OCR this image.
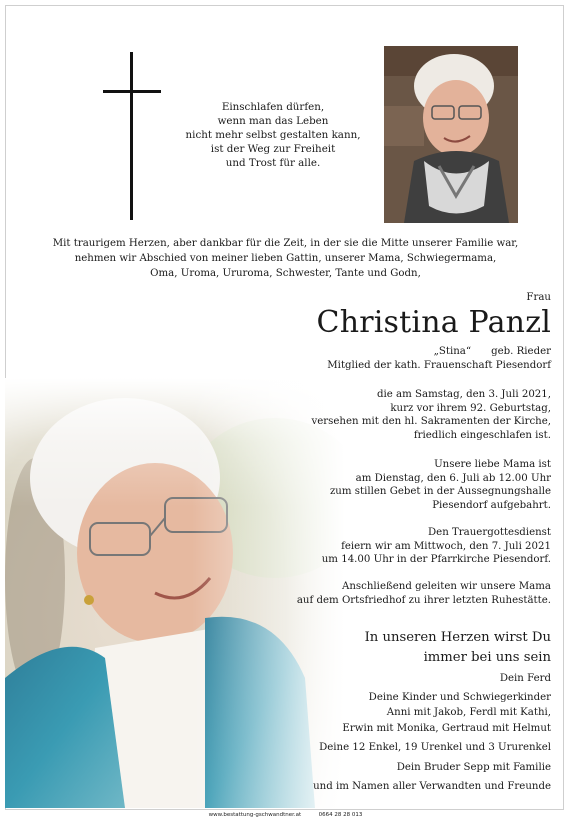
Einschlafen dürfen,
wenn man das Leben
nicht mehr selbst gestalten kann,
ist der Weg zur Freiheit
und Trost für alle.
Mit traurigem Herzen, aber dankbar für die Zeit, in der sie die Mitte unserer Familie war,
nehmen wir Abschied von meiner lieben Gattin, unserer Mama, Schwiegermama,
Oma, Uroma, Ururoma, Schwester, Tante und Godn,
Frau
Christina Panzl
„Stina“ geb. Rieder
Mitglied der kath. Frauenschaft Piesendorf
die am Samstag, den 3. Juli 2021,
kurz vor ihrem 92. Geburtstag,
versehen mit den hl. Sakramenten der Kirche,
friedlich eingeschlafen ist.
Unsere liebe Mama ist
am Dienstag, den 6. Juli ab 12.00 Uhr
zum stillen Gebet in der Aussegnungshalle
Piesendorf aufgebahrt.
Den Trauergottesdienst
feiern wir am Mittwoch, den 7. Juli 2021
um 14.00 Uhr in der Pfarrkirche Piesendorf.
Anschließend geleiten wir unsere Mama
auf dem Ortsfriedhof zu ihrer letzten Ruhestätte.
In unseren Herzen wirst Du
immer bei uns sein
Dein Ferd
Deine Kinder und Schwiegerkinder
Anni mit Jakob, Ferdl mit Kathi,
Erwin mit Monika, Gertraud mit Helmut
Deine 12 Enkel, 19 Urenkel und 3 Ururenkel
Dein Bruder Sepp mit Familie
und im Namen aller Verwandten und Freunde
www.bestattung-gschwandtner.at	0664 28 28 013
